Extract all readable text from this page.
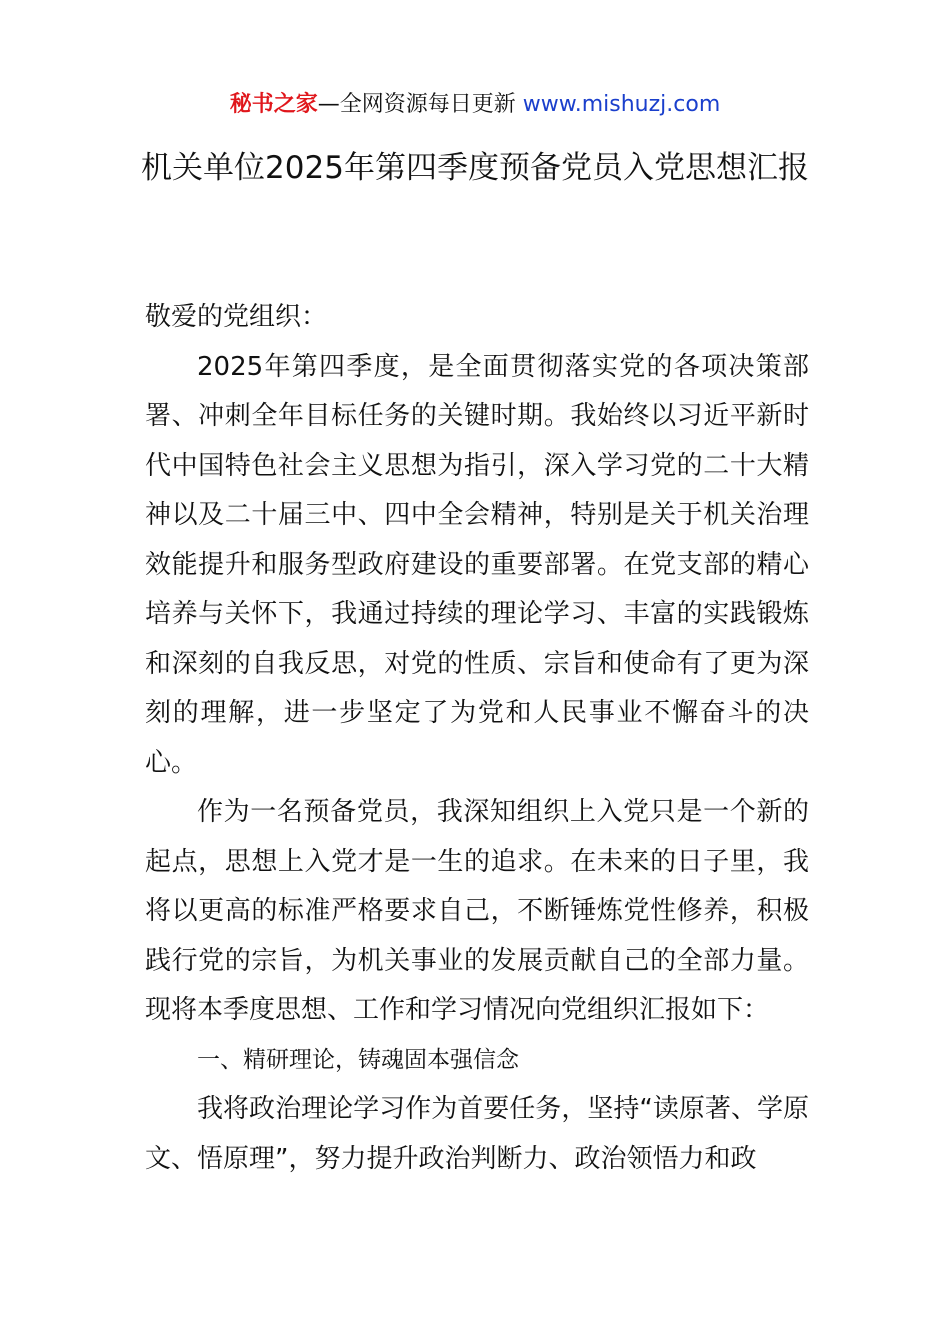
秘书之家—全网资源每日更新 www.mishuzj.com
机关单位2025年第四季度预备党员入党思想汇报

敬爱的党组织：

2025年第四季度，是全面贯彻落实党的各项决策部署、冲刺全年目标任务的关键时期。我始终以习近平新时代中国特色社会主义思想为指引，深入学习党的二十大精神以及二十届三中、四中全会精神，特别是关于机关治理效能提升和服务型政府建设的重要部署。在党支部的精心培养与关怀下，我通过持续的理论学习、丰富的实践锻炼和深刻的自我反思，对党的性质、宗旨和使命有了更为深刻的理解，进一步坚定了为党和人民事业不懈奋斗的决心。

作为一名预备党员，我深知组织上入党只是一个新的起点，思想上入党才是一生的追求。在未来的日子里，我将以更高的标准严格要求自己，不断锤炼党性修养，积极践行党的宗旨，为机关事业的发展贡献自己的全部力量。现将本季度思想、工作和学习情况向党组织汇报如下：

一、精研理论，铸魂固本强信念

我将政治理论学习作为首要任务，坚持“读原著、学原文、悟原理”，努力提升政治判断力、政治领悟力和政
